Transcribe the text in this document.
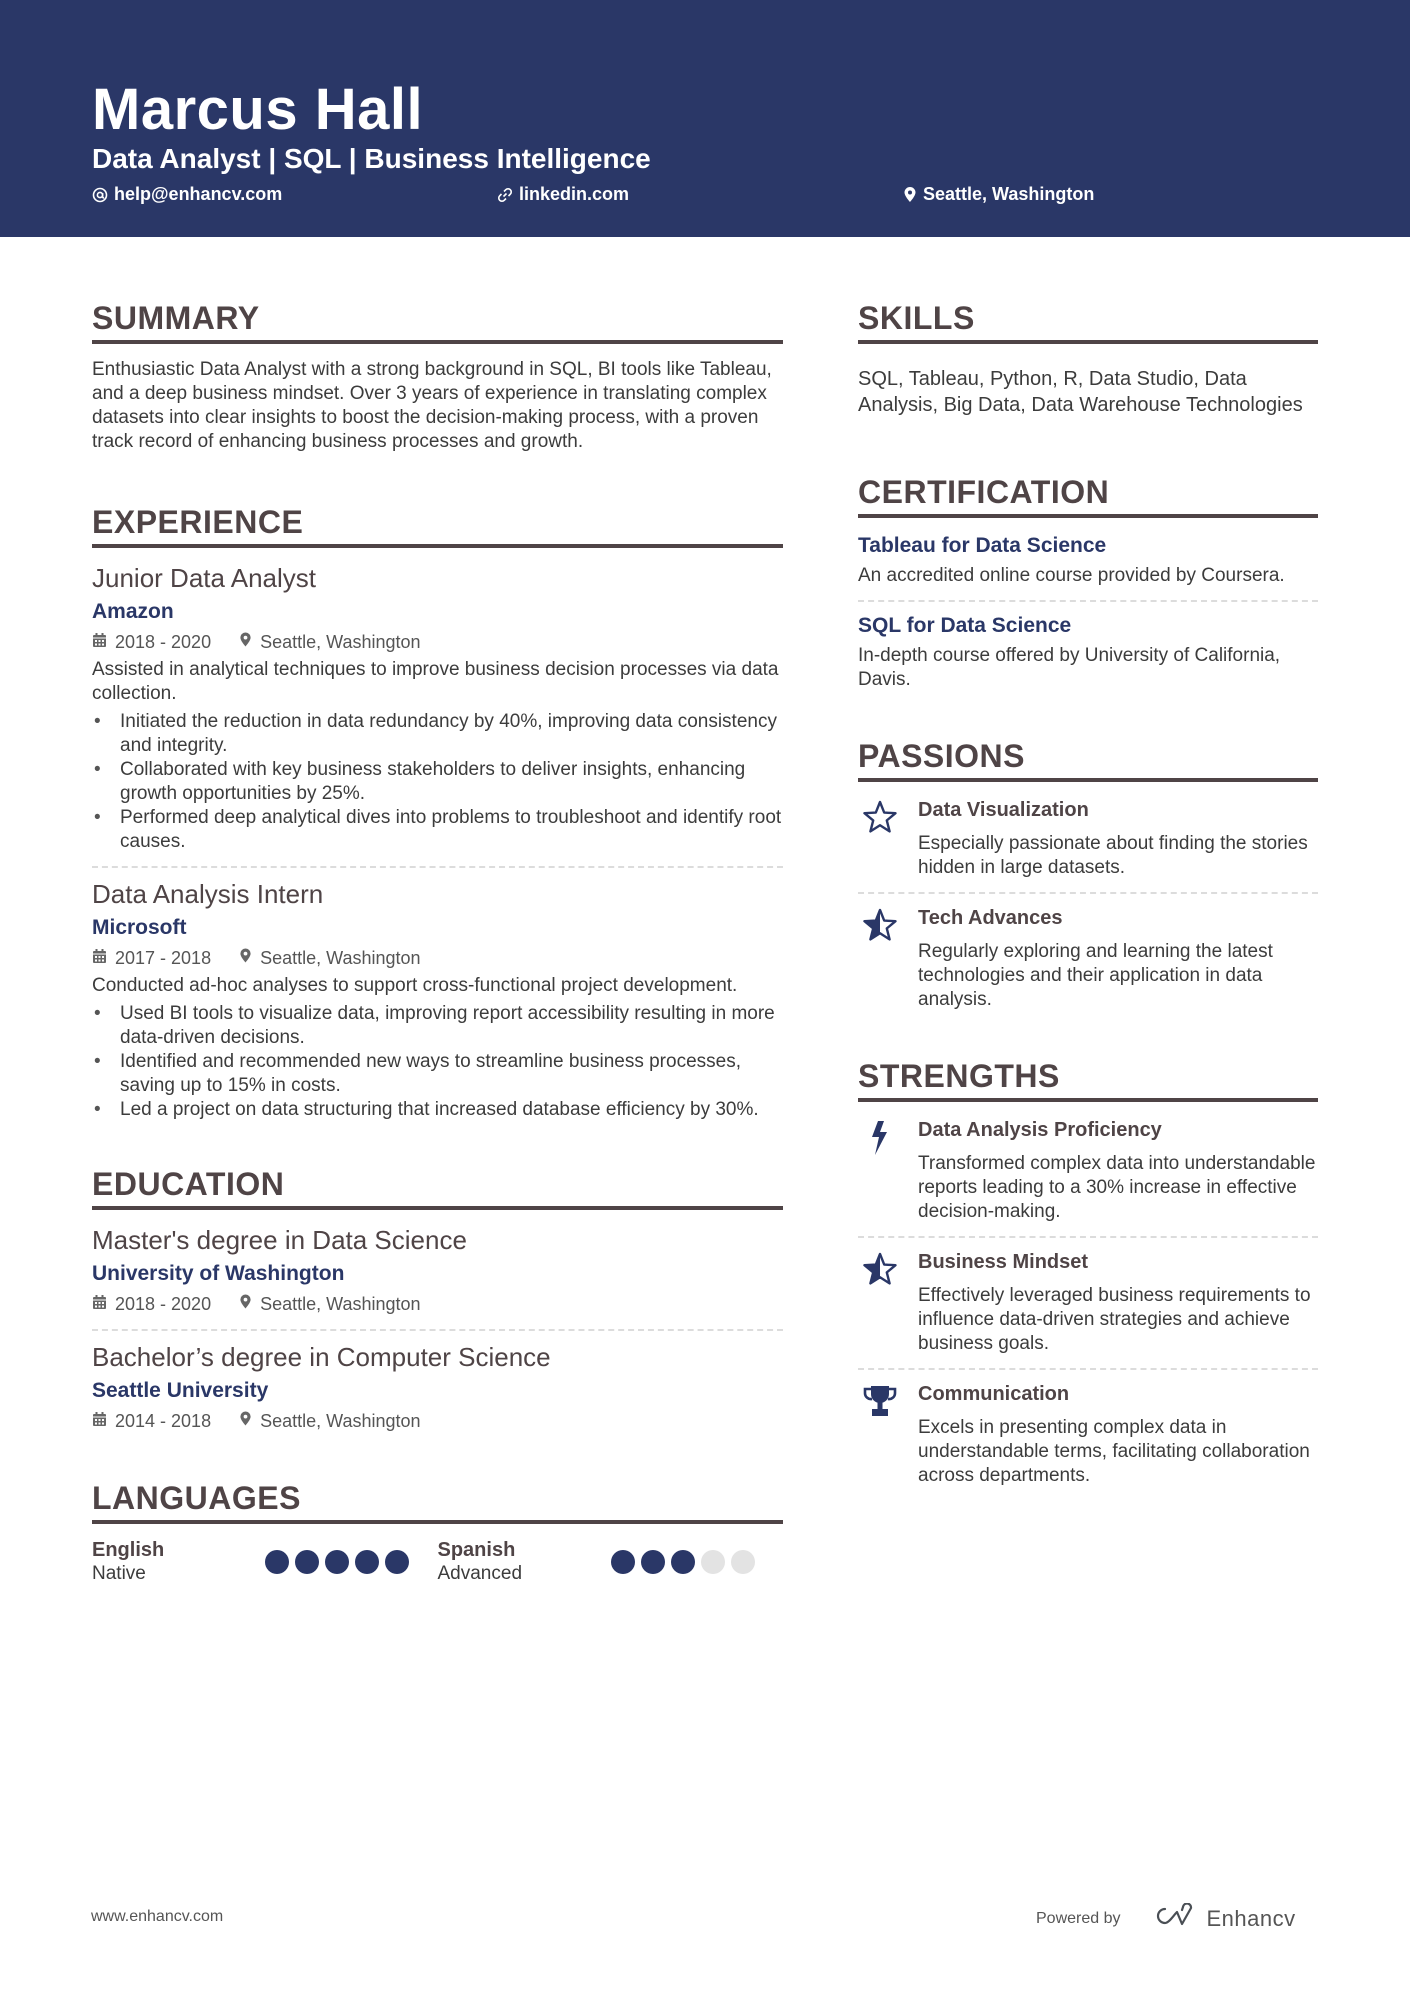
Marcus Hall
Data Analyst | SQL | Business Intelligence
help@enhancv.com	linkedin.com	Seattle, Washington
SUMMARY
Enthusiastic Data Analyst with a strong background in SQL, BI tools like Tableau, and a deep business mindset. Over 3 years of experience in translating complex datasets into clear insights to boost the decision-making process, with a proven track record of enhancing business processes and growth.
EXPERIENCE
Junior Data Analyst
Amazon
2018 - 2020	Seattle, Washington
Assisted in analytical techniques to improve business decision processes via data collection.
• Initiated the reduction in data redundancy by 40%, improving data consistency and integrity.
• Collaborated with key business stakeholders to deliver insights, enhancing growth opportunities by 25%.
• Performed deep analytical dives into problems to troubleshoot and identify root causes.
Data Analysis Intern
Microsoft
2017 - 2018	Seattle, Washington
Conducted ad-hoc analyses to support cross-functional project development.
• Used BI tools to visualize data, improving report accessibility resulting in more data-driven decisions.
• Identified and recommended new ways to streamline business processes, saving up to 15% in costs.
• Led a project on data structuring that increased database efficiency by 30%.
EDUCATION
Master's degree in Data Science
University of Washington
2018 - 2020	Seattle, Washington
Bachelor’s degree in Computer Science
Seattle University
2014 - 2018	Seattle, Washington
LANGUAGES
English
Native
Spanish
Advanced
SKILLS
SQL, Tableau, Python, R, Data Studio, Data Analysis, Big Data, Data Warehouse Technologies
CERTIFICATION
Tableau for Data Science
An accredited online course provided by Coursera.
SQL for Data Science
In-depth course offered by University of California, Davis.
PASSIONS
Data Visualization
Especially passionate about finding the stories hidden in large datasets.
Tech Advances
Regularly exploring and learning the latest technologies and their application in data analysis.
STRENGTHS
Data Analysis Proficiency
Transformed complex data into understandable reports leading to a 30% increase in effective decision-making.
Business Mindset
Effectively leveraged business requirements to influence data-driven strategies and achieve business goals.
Communication
Excels in presenting complex data in understandable terms, facilitating collaboration across departments.
www.enhancv.com	Powered by	Enhancv
